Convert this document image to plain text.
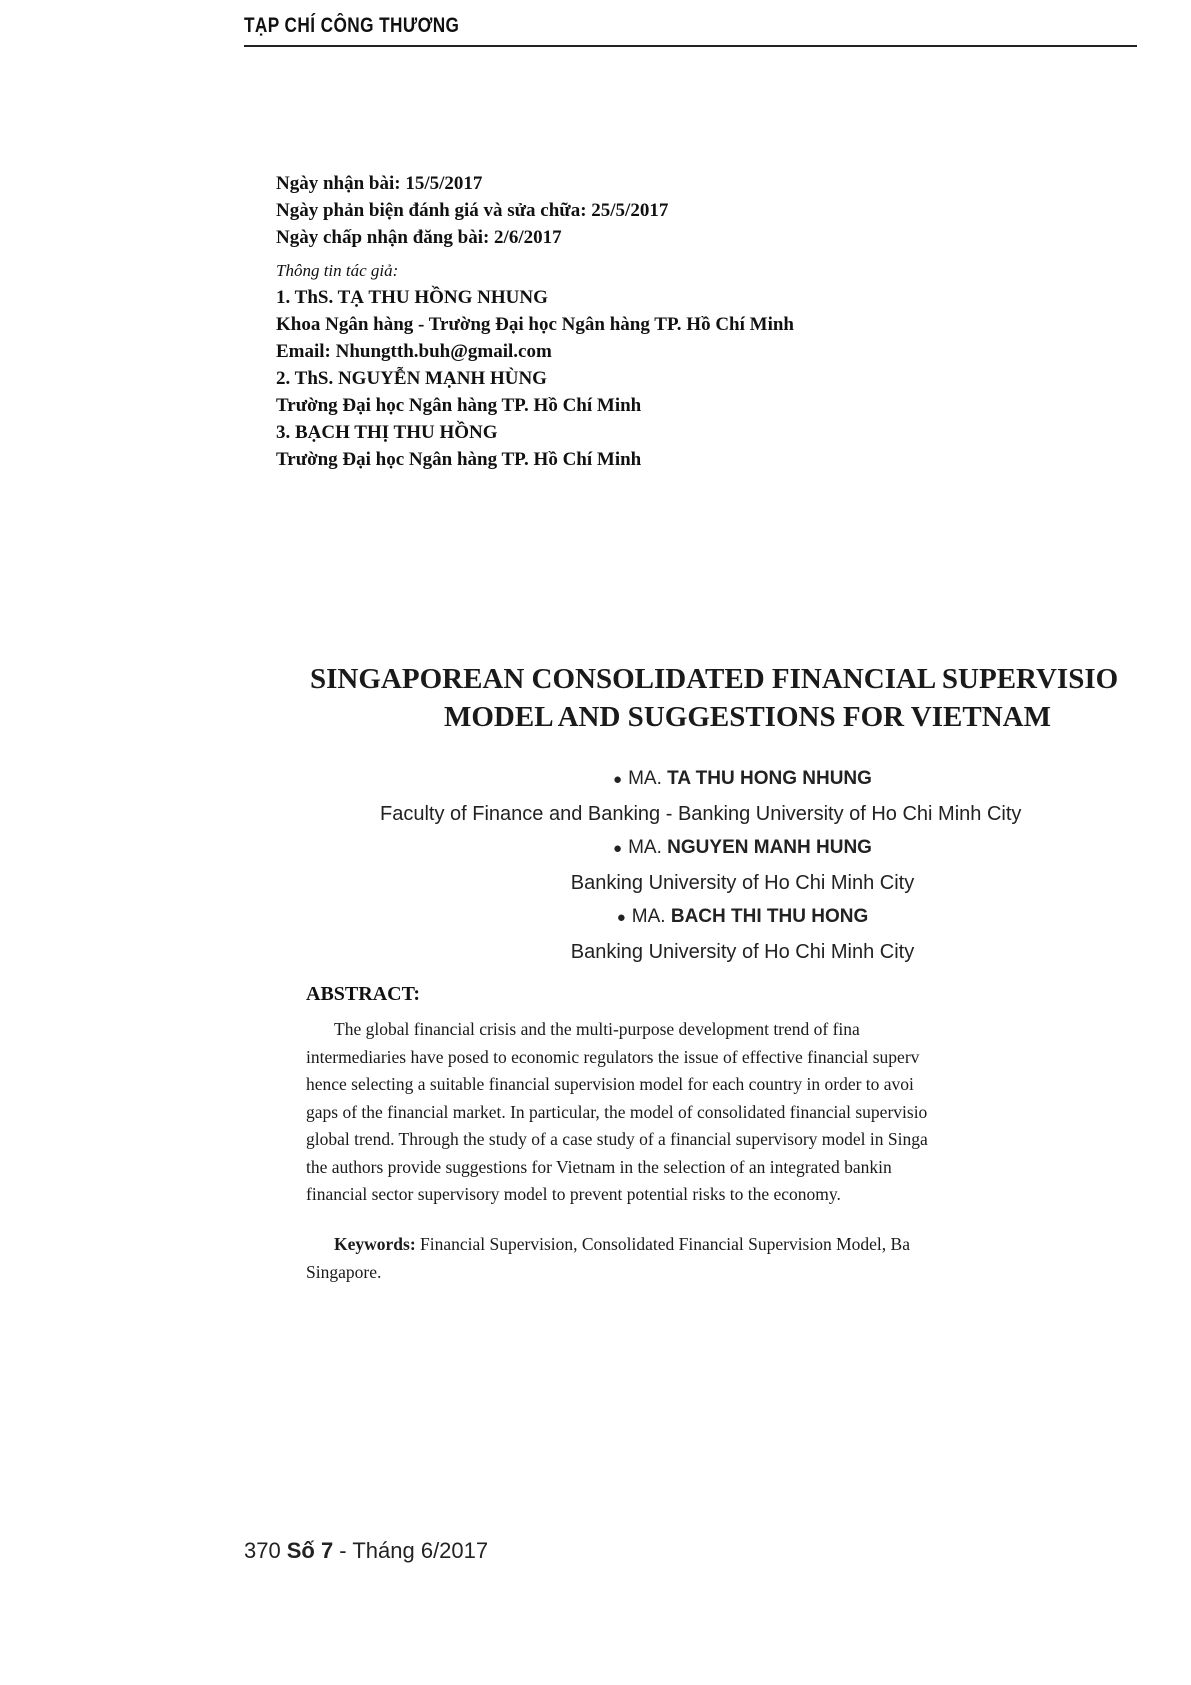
TẠP CHÍ CÔNG THƯƠNG
Ngày nhận bài: 15/5/2017
Ngày phản biện đánh giá và sửa chữa: 25/5/2017
Ngày chấp nhận đăng bài: 2/6/2017
Thông tin tác giả:
1. ThS. TẠ THU HỒNG NHUNG
Khoa Ngân hàng - Trường Đại học Ngân hàng TP. Hồ Chí Minh
Email: Nhungtth.buh@gmail.com
2. ThS. NGUYỄN MẠNH HÙNG
Trường Đại học Ngân hàng TP. Hồ Chí Minh
3. BẠCH THỊ THU HỒNG
Trường Đại học Ngân hàng TP. Hồ Chí Minh
SINGAPOREAN CONSOLIDATED FINANCIAL SUPERVISIO
MODEL AND SUGGESTIONS FOR VIETNAM
● MA. TA THU HONG NHUNG
Faculty of Finance and Banking - Banking University of Ho Chi Minh City
● MA. NGUYEN MANH HUNG
Banking University of Ho Chi Minh City
● MA. BACH THI THU HONG
Banking University of Ho Chi Minh City
ABSTRACT:
The global financial crisis and the multi-purpose development trend of fina
intermediaries have posed to economic regulators the issue of effective financial superv
hence selecting a suitable financial supervision model for each country in order to avoi
gaps of the financial market. In particular, the model of consolidated financial supervisio
global trend. Through the study of a case study of a financial supervisory model in Singa
the authors provide suggestions for Vietnam in the selection of an integrated bankin
financial sector supervisory model to prevent potential risks to the economy.
Keywords: Financial Supervision, Consolidated Financial Supervision Model, Ba
Singapore.
370 Số 7 - Tháng 6/2017
